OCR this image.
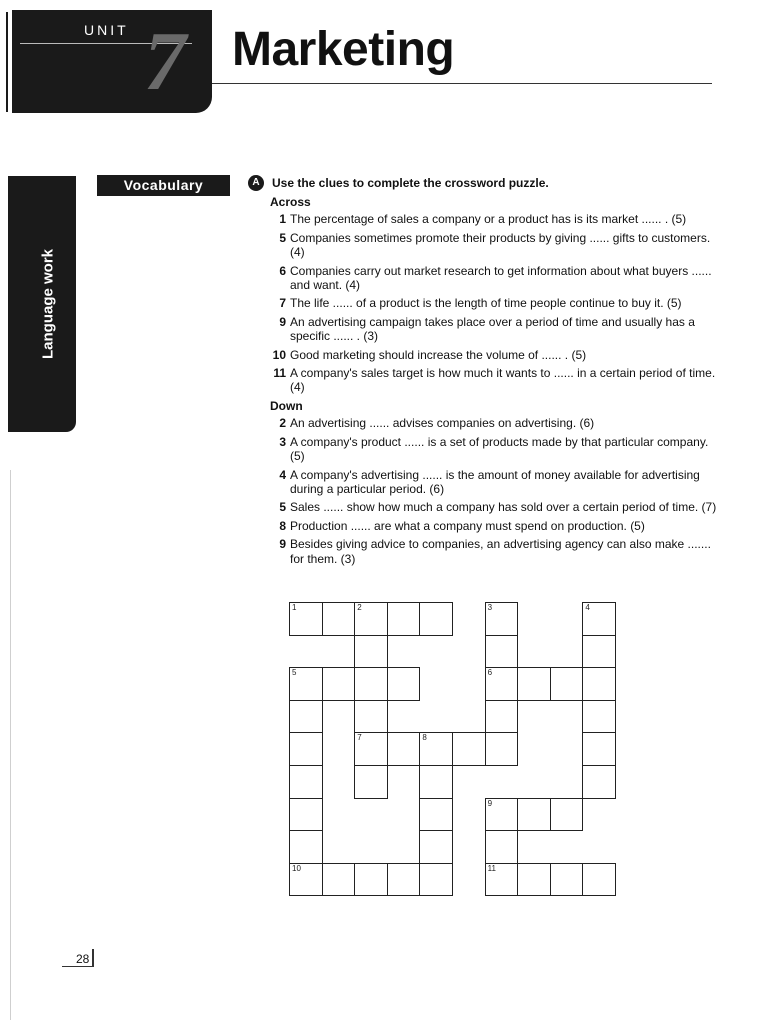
UNIT 7 Marketing
Language work
Vocabulary	A	Use the clues to complete the crossword puzzle.
Across
1 The percentage of sales a company or a product has is its market ...... . (5)
5 Companies sometimes promote their products by giving ...... gifts to customers. (4)
6 Companies carry out market research to get information about what buyers ...... and want. (4)
7 The life ...... of a product is the length of time people continue to buy it. (5)
9 An advertising campaign takes place over a period of time and usually has a specific ...... . (3)
10 Good marketing should increase the volume of ...... . (5)
11 A company's sales target is how much it wants to ...... in a certain period of time. (4)
Down
2 An advertising ...... advises companies on advertising. (6)
3 A company's product ...... is a set of products made by that particular company. (5)
4 A company's advertising ...... is the amount of money available for advertising during a particular period. (6)
5 Sales ...... show how much a company has sold over a certain period of time. (7)
8 Production ...... are what a company must spend on production. (5)
9 Besides giving advice to companies, an advertising agency can also make ....... for them. (3)
1	2	3	4
5	6
7	8
9
10	11
28
